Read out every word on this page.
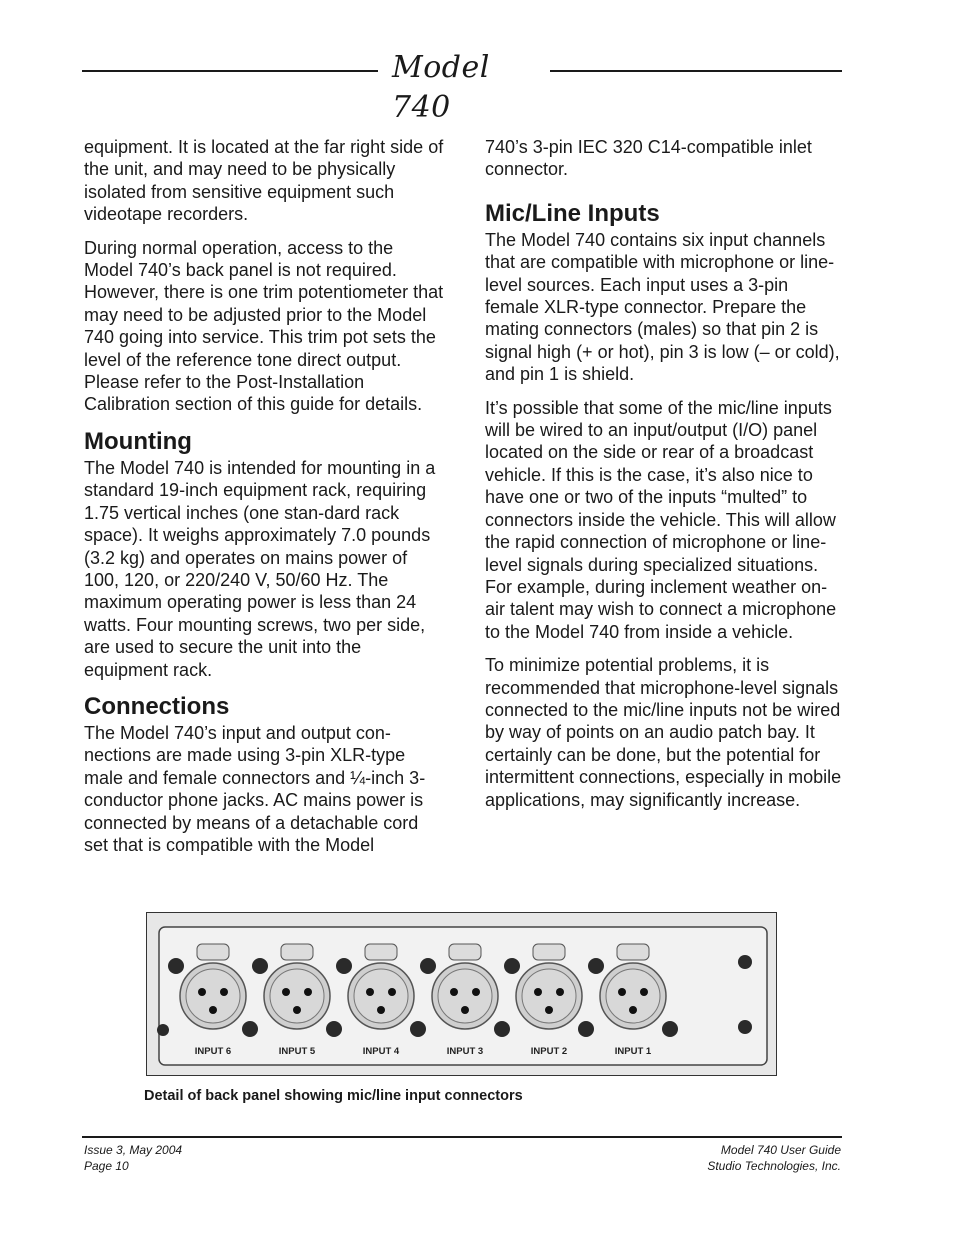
Model 740

equipment. It is located at the far right side of the unit, and may need to be physically isolated from sensitive equipment such videotape recorders.

During normal operation, access to the Model 740’s back panel is not required. However, there is one trim potentiometer that may need to be adjusted prior to the Model 740 going into service. This trim pot sets the level of the reference tone direct output. Please refer to the Post-Installation Calibration section of this guide for details.

Mounting

The Model 740 is intended for mounting in a standard 19-inch equipment rack, requiring 1.75 vertical inches (one stan-dard rack space). It weighs approximately 7.0 pounds (3.2 kg) and operates on mains power of 100, 120, or 220/240 V, 50/60 Hz. The maximum operating power is less than 24 watts. Four mounting screws, two per side, are used to secure the unit into the equipment rack.

Connections

The Model 740’s input and output con-nections are made using 3-pin XLR-type male and female connectors and ¼-inch 3-conductor phone jacks. AC mains power is connected by means of a detachable cord set that is compatible with the Model

740’s 3-pin IEC 320 C14-compatible inlet connector.

Mic/Line Inputs

The Model 740 contains six input channels that are compatible with microphone or line-level sources. Each input uses a 3-pin female XLR-type connector. Prepare the mating connectors (males) so that pin 2 is signal high (+ or hot), pin 3 is low (– or cold), and pin 1 is shield.

It’s possible that some of the mic/line inputs will be wired to an input/output (I/O) panel located on the side or rear of a broadcast vehicle. If this is the case, it’s also nice to have one or two of the inputs “multed” to connectors inside the vehicle. This will allow the rapid connection of microphone or line-level signals during specialized situations. For example, during inclement weather on-air talent may wish to connect a microphone to the Model 740 from inside a vehicle.

To minimize potential problems, it is recommended that microphone-level signals connected to the mic/line inputs not be wired by way of points on an audio patch bay. It certainly can be done, but the potential for intermittent connections, especially in mobile applications, may significantly increase.

INPUT 6	INPUT 5	INPUT 4	INPUT 3	INPUT 2	INPUT 1
Detail of back panel showing mic/line input connectors
Issue 3, May 2004
Page 10
Model 740 User Guide
Studio Technologies, Inc.
